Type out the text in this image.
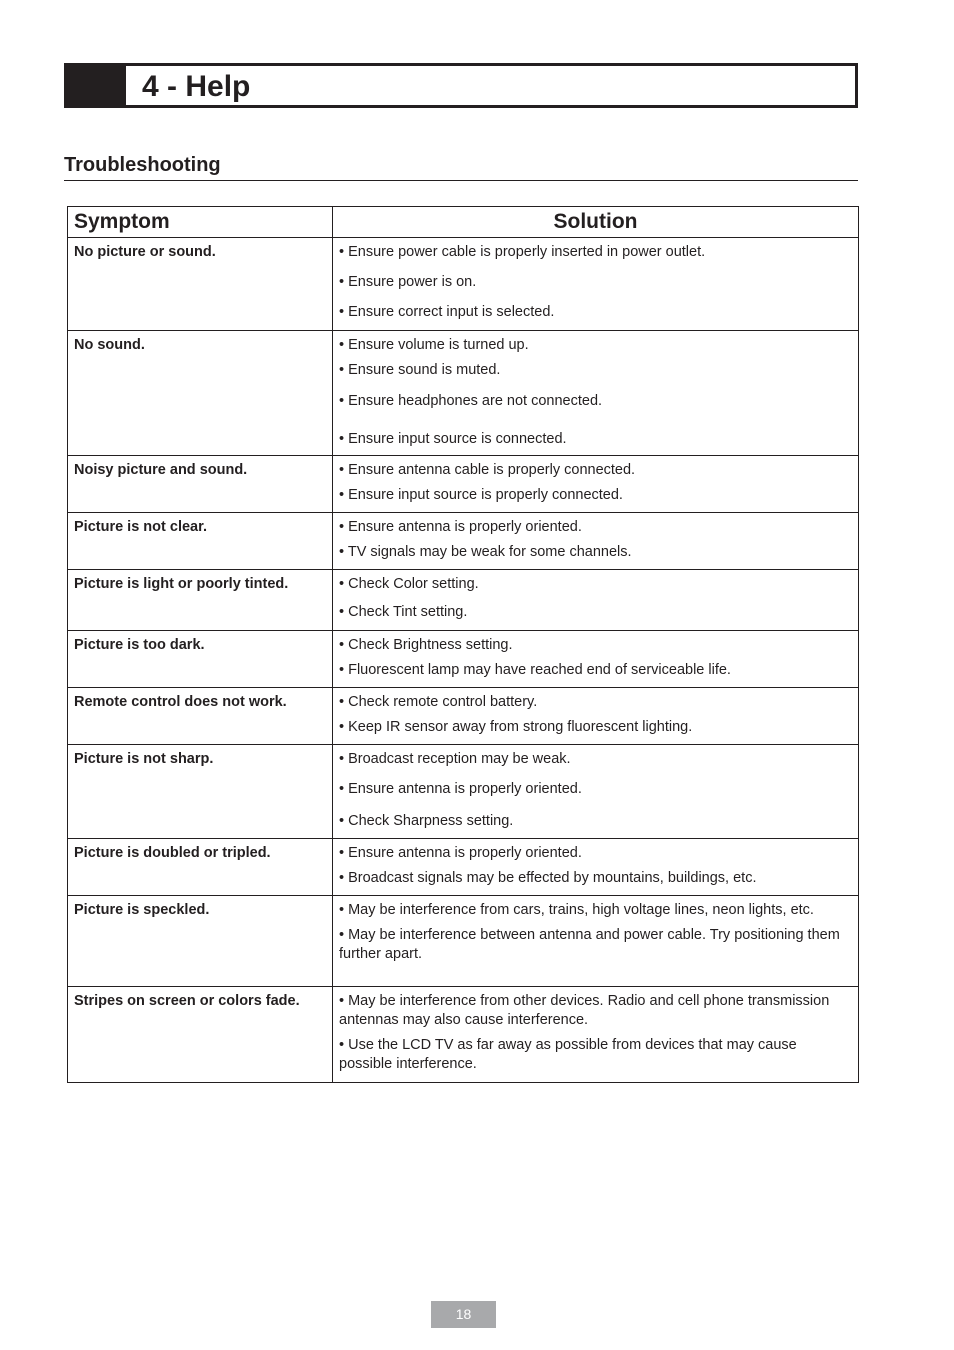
4 - Help
Troubleshooting
Symptom	Solution
No picture or sound.	• Ensure power cable is properly inserted in power outlet.

• Ensure power is on.

• Ensure correct input is selected.

No sound.	• Ensure volume is turned up.

• Ensure sound is muted.

• Ensure headphones are not connected.

• Ensure input source is connected.

Noisy picture and sound.	• Ensure antenna cable is properly connected.

• Ensure input source is properly connected.

Picture is not clear.	• Ensure antenna is properly oriented.

• TV signals may be weak for some channels.

Picture is light or poorly tinted.	• Check Color setting.

• Check Tint setting.

Picture is too dark.	• Check Brightness setting.

• Fluorescent lamp may have reached end of serviceable life.

Remote control does not work.	• Check remote control battery.

• Keep IR sensor away from strong fluorescent lighting.

Picture is not sharp.	• Broadcast reception may be weak.

• Ensure antenna is properly oriented.

• Check Sharpness setting.

Picture is doubled or tripled.	• Ensure antenna is properly oriented.

• Broadcast signals may be effected by mountains, buildings, etc.

Picture is speckled.	• May be interference from cars, trains, high voltage lines, neon lights, etc.

• May be interference between antenna and power cable. Try positioning them further apart.

Stripes on screen or colors fade.	• May be interference from other devices. Radio and cell phone transmission antennas may also cause interference.

• Use the LCD TV as far away as possible from devices that may cause possible interference.

18
